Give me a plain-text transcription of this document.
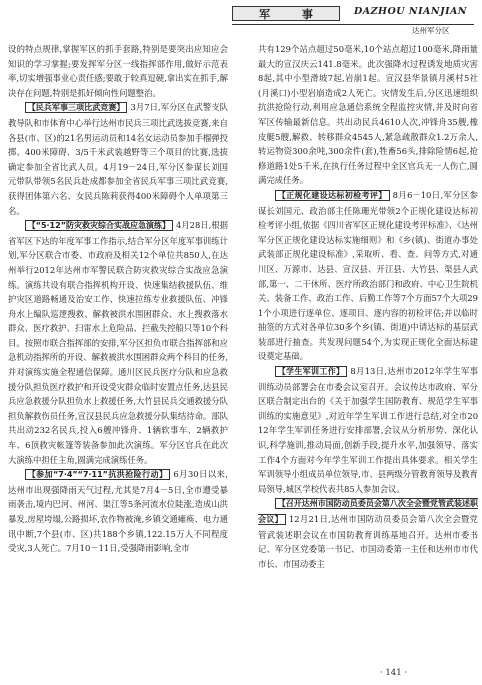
军 事	DAZHOU NIANJIAN
达州军分区

设的特点规律,掌握军区的抓手套路,特别是要突出应知应会知识的学习掌握;要发挥军分区一线指挥部作用,做好示范表率,切实增强事业心责任感;要敢于较真逗硬,拿出实在抓手,解决存在问题,特别是抓好倾向性问题整治。

【民兵军事三项比武竞赛】 3月7日,军分区在武警支队教导队和市体育中心举行达州市民兵三项比武选拔竞赛,来自各县(市、区)的21名男运动员和14名女运动员参加手榴弹投掷、400米障碍、3/5千米武装越野等三个项目的比赛,选拔确定参加全省比武人员。4月19－24日,军分区参谋长刘国元带队带领5名民兵赴成都参加全省民兵军事三项比武竞赛,获得团体第六名、女民兵陈莉获得400米障碍个人单项第三名。

【“5·12”防灾救灾综合实战应急演练】 4月28日,根据省军区下达的年度军事工作指示,结合军分区年度军事训练计划,军分区联合市委、市政府及相关12个单位共850人,在达州举行2012年达州市军警民联合防灾救灾综合实战应急演练。演练共设有联合指挥机构开设、快速集结救援队伍、维护灾区道路畅通及治安工作、快速拉练专业救援队伍、冲锋舟水上编队巡逻搜救、解救被洪水围困群众、水上搜救落水群众、医疗救护、扫雷水上危险品、拦截失控船只等10个科目。按照市联合指挥部的安排,军分区担负市联合指挥部和应急机动指挥所的开设、解救被洪水围困群众两个科目的任务,并对演练实施全程通信保障。通川区民兵医疗分队和应急救援分队担负医疗救护和开设受灾群众临时安置点任务,达县民兵应急救援分队担负水上救援任务,大竹县民兵交通救援分队担负解救伤员任务,宣汉县民兵应急救援分队集结待命。部队共出动232名民兵,投入6艘冲锋舟、1辆软事车、2辆救护车、6顶救灾帐篷等装备参加此次演练。军分区官兵在此次大演练中担任主角,圆满完成演练任务。

【参加“7·4”“7·11”抗洪抢险行动】 6月30日以来,达州市出现强降雨天气过程,尤其是7月4－5日,全市遭受暴雨袭击,境内巴河、州河、渠江等5条河流水位陡涨,造成山洪暴发,房屋垮塌,公路损坏,农作物被淹,乡镇交通瘫痪、电力通讯中断,7个县(市、区)共188个乡镇,122.15万人不同程度受灾,3人死亡。7月10－11日,受强降雨影响,全市

共有129个站点超过50毫米,10个站点超过100毫米,降雨量最大的宣汉庆云141.8毫米。此次强降水过程诱发地质灾害8起,其中小型滑坡7起,岩崩1起。宣汉县华景镇月溪村5社(月溪口)小型岩崩造成2人死亡。灾情发生后,分区迅速组织抗洪抢险行动,利用应急通信系统全程监控灾情,并及时向省军区传输最新信息。共出动民兵4610人次,冲锋舟35艘,橡皮艇5艘,解救、转移群众4545人,紧急疏散群众1.2万余人,转运物资300余吨,300余件(套),牲畜56头,排除险情6起,抢修道路1处5千米,在执行任务过程中全区官兵无一人伤亡,圆满完成任务。

【正规化建设达标初检考评】 8月6－10日,军分区参谋长刘国元、政治部主任陈珊光带领2个正规化建设达标初检考评小组,依据《四川省军区正规化建设考评标准》、《达州军分区正规化建设达标实施细则》和《乡(镇)、街道办事处武装部正规化建设标准》,采取听、看、查、问等方式,对通川区、万源市、达县、宣汉县、开江县、大竹县、渠县人武部,第一、二干休所、医疗所政治部门和政府、中心卫生院机关、装备工作、政治工作、后勤工作等7个方面57个大项291个小项进行逐单位、逐项目、逐内容的初检评估;并以临时抽签的方式对各单位30多个乡(镇、街道)中请达标的基层武装部进行抽查。共发现问题54个,为实现正规化全面达标建设奠定基础。

【学生军训工作】 8月13日,达州市2012年学生军事训练动员部署会在市委会议室召开。会议传达市政府、军分区联合制定出台的《关于加强学生国防教育、规范学生军事训练的实施意见》,对近年学生军训工作进行总结,对全市2012年学生军训任务进行安排部署,会议从分析形势、深化认识,科学施训,推动局面,创新手段,提升水平,加强领导、落实工作4个方面对今年学生军训工作提出具体要求。相关学生军训领导小组成员单位领导,市、县两级分管教育领导及教育局领导,城区学校代表共85人参加会议。

【召开达州市国防动员委员会第八次全会暨党管武装述职会议】 12月21日,达州市国防动员委员会第八次全会暨党管武装述职会议在市国防教育训练基地召开。达州市委书记、军分区党委第一书记、市国动委第一主任和达州市市代市长、市国动委主

· 141 ·
